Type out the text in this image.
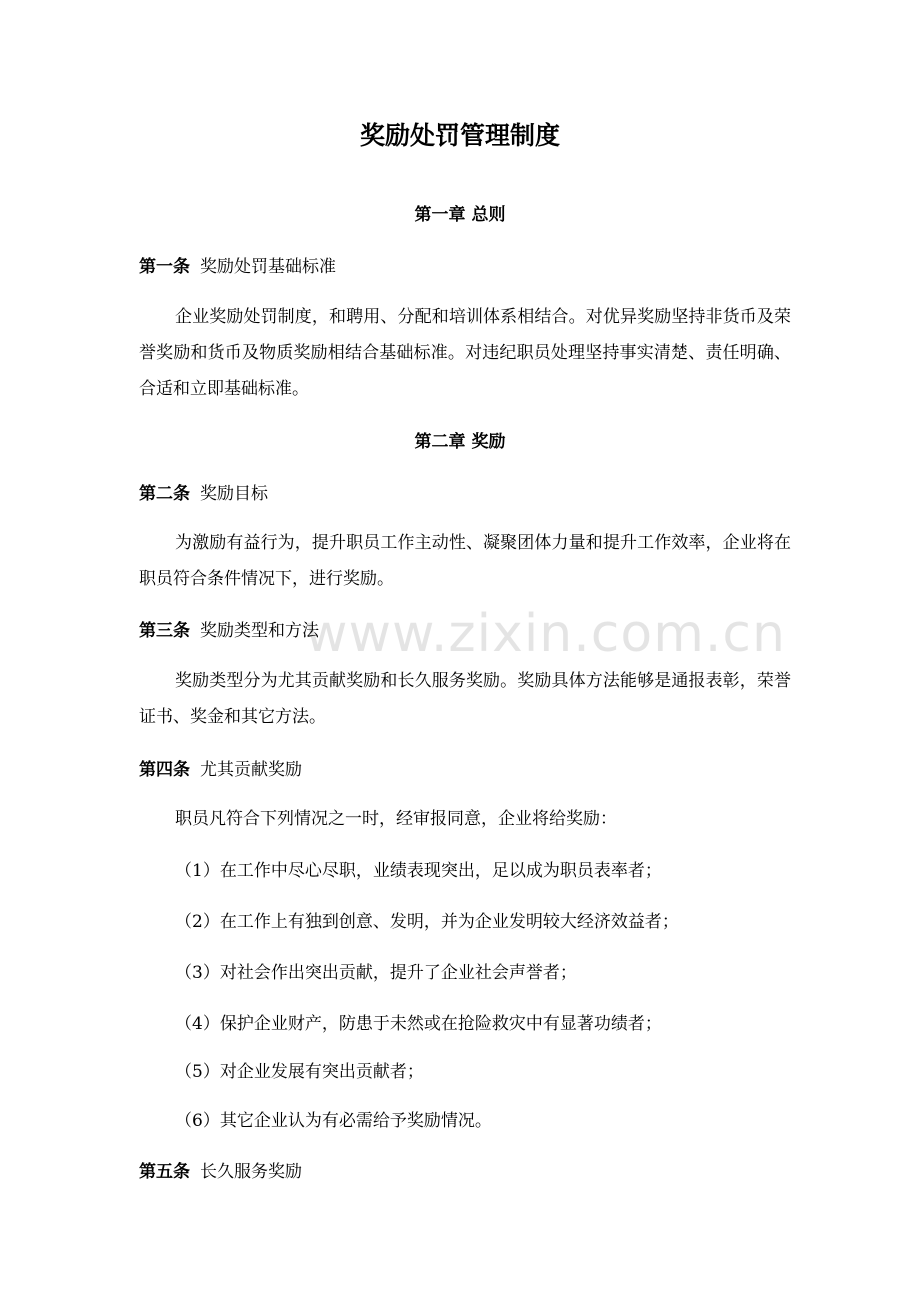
www.zixin.com.cn
奖励处罚管理制度
第一章 总则
第一条 奖励处罚基础标准

企业奖励处罚制度，和聘用、分配和培训体系相结合。对优异奖励坚持非货币及荣誉奖励和货币及物质奖励相结合基础标准。对违纪职员处理坚持事实清楚、责任明确、合适和立即基础标准。

第二章 奖励
第二条 奖励目标

为激励有益行为，提升职员工作主动性、凝聚团体力量和提升工作效率，企业将在职员符合条件情况下，进行奖励。

第三条 奖励类型和方法

奖励类型分为尤其贡献奖励和长久服务奖励。奖励具体方法能够是通报表彰，荣誉证书、奖金和其它方法。

第四条 尤其贡献奖励

职员凡符合下列情况之一时，经审报同意，企业将给奖励：

（1）在工作中尽心尽职，业绩表现突出，足以成为职员表率者；
（2）在工作上有独到创意、发明，并为企业发明较大经济效益者；
（3）对社会作出突出贡献，提升了企业社会声誉者；
（4）保护企业财产，防患于未然或在抢险救灾中有显著功绩者；
（5）对企业发展有突出贡献者；
（6）其它企业认为有必需给予奖励情况。
第五条 长久服务奖励
